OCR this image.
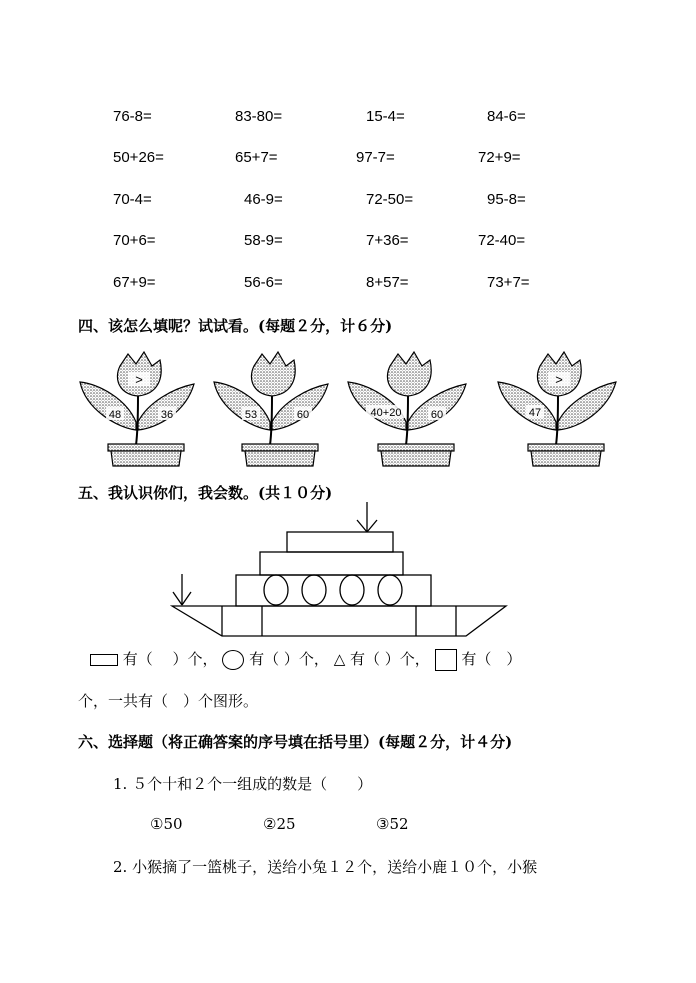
76-8=	83-80=	15-4=	84-6=
50+26=	65+7=	97-7=	72+9=
70-4=	46-9=	72-50=	95-8=
70+6=	58-9=	7+36=	72-40=
67+9=	56-6=	8+57=	73+7=
四、该怎么填呢？试试看。(每题２分，计６分)
>
48	36	53	60	40+20	60
>
47
五、我认识你们，我会数。(共１０分)
有（　 ）个， 有（ ）个， △ 有（ ）个， 有（　）
个，一共有（　）个图形。
六、选择题（将正确答案的序号填在括号里）(每题２分，计４分)
1. ５个十和２个一组成的数是（　　）
①50	②25	③52
2. 小猴摘了一篮桃子，送给小兔１２个，送给小鹿１０个，小猴
